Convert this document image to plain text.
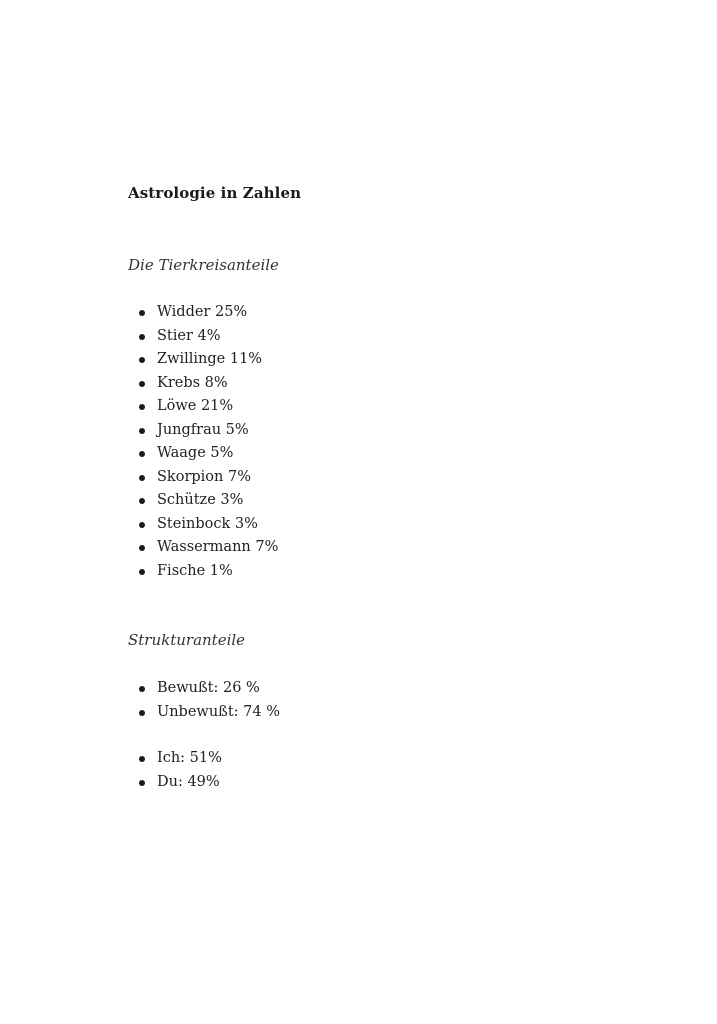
Astrologie in Zahlen
Die Tierkreisanteile
Widder 25%
Stier 4%
Zwillinge 11%
Krebs 8%
Löwe 21%
Jungfrau 5%
Waage 5%
Skorpion 7%
Schütze 3%
Steinbock 3%
Wassermann 7%
Fische 1%
Strukturanteile
Bewußt: 26 %
Unbewußt: 74 %
Ich: 51%
Du: 49%
